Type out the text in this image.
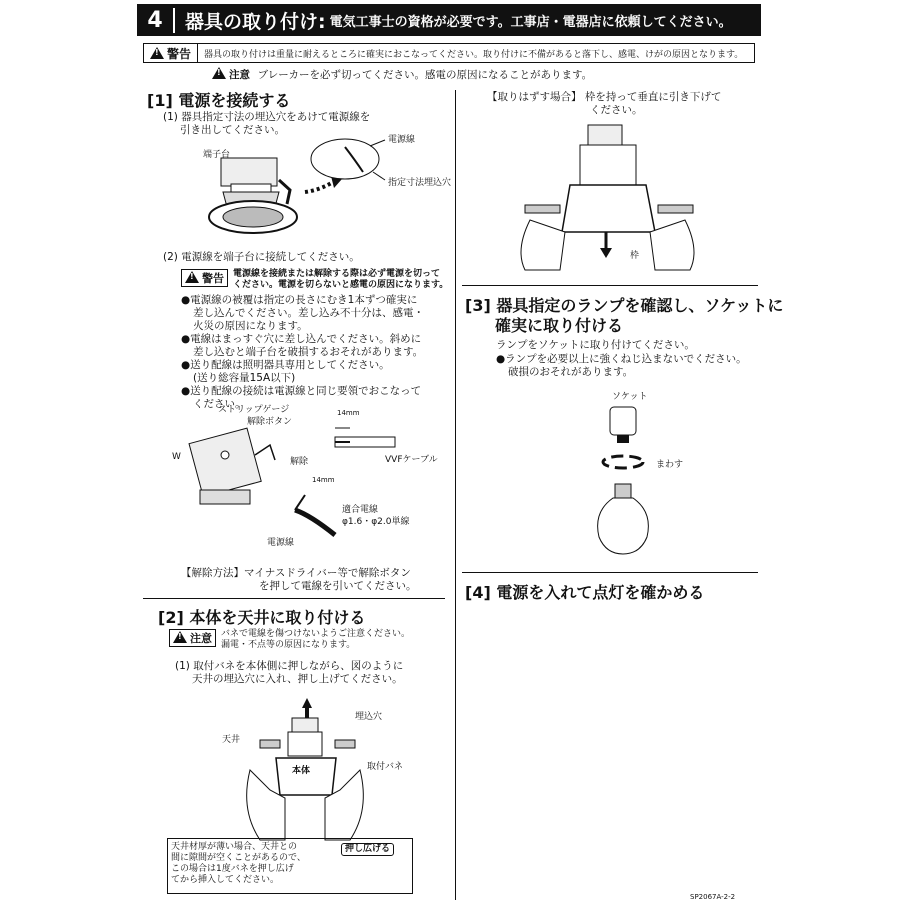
4	器具の取り付け: 電気工事士の資格が必要です。工事店・電器店に依頼してください。
!
警告 器具の取り付けは重量に耐えるところに確実におこなってください。取り付けに不備があると落下し、感電、けがの原因となります。
!注意 ブレーカーを必ず切ってください。感電の原因になることがあります。
[1] 電源を接続する
(1) 器具指定寸法の埋込穴をあけて電源線を
引き出してください。
端子台
電源線
指定寸法埋込穴
(2) 電源線を端子台に接続してください。
!警告	電源線を接続または解除する際は必ず電源を切って
ください。電源を切らないと感電の原因になります。
●電源線の被覆は指定の長さにむき1本ずつ確実に
差し込んでください。差し込み不十分は、感電・
火災の原因になります。
●電線はまっすぐ穴に差し込んでください。斜めに
差し込むと端子台を破損するおそれがあります。
●送り配線は照明器具専用としてください。
(送り総容量15A以下)
●送り配線の接続は電源線と同じ要領でおこなって
ください。
ストリップゲージ
解除ボタン
W	解除
14mm
VVFケーブル
14mm
適合電線
φ1.6・φ2.0単線
電源線
【解除方法】マイナスドライバー等で解除ボタン
を押して電線を引いてください。
[2] 本体を天井に取り付ける
!注意	バネで電線を傷つけないようご注意ください。
漏電・不点等の原因になります。
(1) 取付バネを本体側に押しながら、図のように
天井の埋込穴に入れ、押し上げてください。
埋込穴
天井
本体	取付バネ
天井材厚が薄い場合、天井との
間に隙間が空くことがあるので、
この場合は1度バネを押し広げ
てから挿入してください。
押し広げる
【取りはずす場合】 枠を持って垂直に引き下げて
ください。
枠
[3] 器具指定のランプを確認し、ソケットに
確実に取り付ける
ランプをソケットに取り付けてください。
●ランプを必要以上に強くねじ込まないでください。
破損のおそれがあります。
ソケット
まわす
[4] 電源を入れて点灯を確かめる
SP2067A-2-2
